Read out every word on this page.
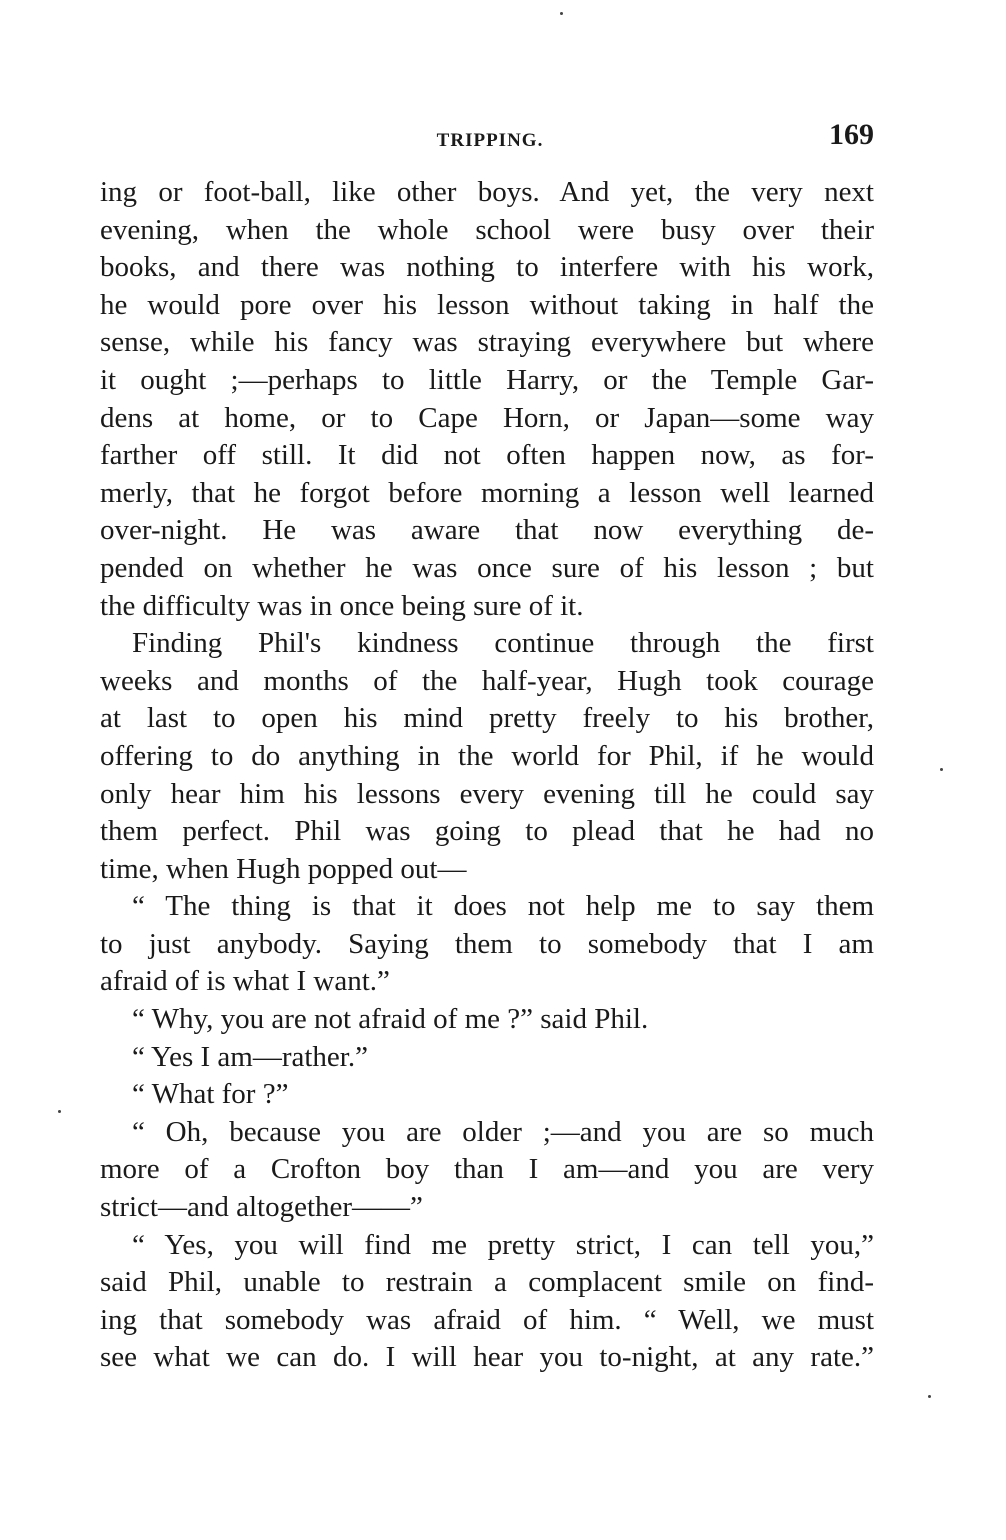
TRIPPING.	169
ing or foot-ball, like other boys. And yet, the very next
evening, when the whole school were busy over their
books, and there was nothing to interfere with his work,
he would pore over his lesson without taking in half the
sense, while his fancy was straying everywhere but where
it ought ;—perhaps to little Harry, or the Temple Gar-
dens at home, or to Cape Horn, or Japan—some way
farther off still. It did not often happen now, as for-
merly, that he forgot before morning a lesson well learned
over-night. He was aware that now everything de-
pended on whether he was once sure of his lesson ; but
the difficulty was in once being sure of it.
Finding Phil's kindness continue through the first
weeks and months of the half-year, Hugh took courage
at last to open his mind pretty freely to his brother,
offering to do anything in the world for Phil, if he would
only hear him his lessons every evening till he could say
them perfect. Phil was going to plead that he had no
time, when Hugh popped out—
“ The thing is that it does not help me to say them
to just anybody. Saying them to somebody that I am
afraid of is what I want.”
“ Why, you are not afraid of me ?” said Phil.
“ Yes I am—rather.”
“ What for ?”
“ Oh, because you are older ;—and you are so much
more of a Crofton boy than I am—and you are very
strict—and altogether——”
“ Yes, you will find me pretty strict, I can tell you,”
said Phil, unable to restrain a complacent smile on find-
ing that somebody was afraid of him. “ Well, we must
see what we can do. I will hear you to-night, at any rate.”
